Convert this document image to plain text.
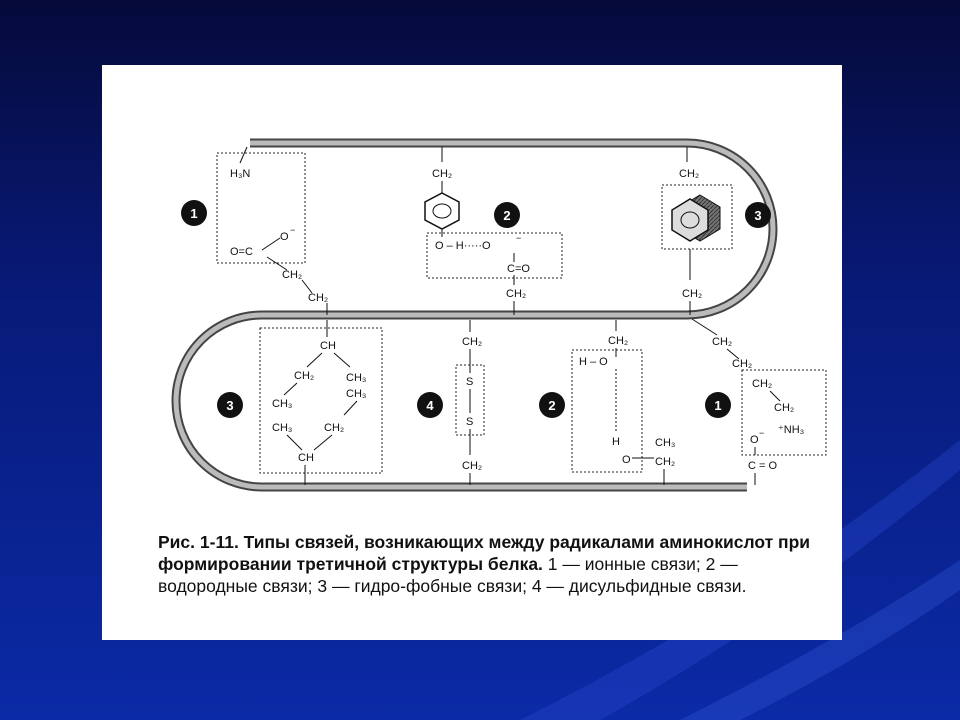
H₃N
O
−
O=C
CH₂
CH₂
1
CH₂
O – H·····O
−
C=O
CH₂
2
CH₂
CH₂
3
3
CH
CH₂	CH₃
CH₃
CH₃
CH₃	CH₂
CH
4
CH₂
S
S
CH₂
2
CH₂
H – O
H
O
CH₃
CH₂
CH₂
CH₂
CH₂
CH₂
⁺NH₃
O
−
C = O
1
Рис. 1-11. Типы связей, возникающих между радикалами аминокислот при формировании третичной структуры белка. 1 — ионные связи; 2 — водородные связи; 3 — гидро-фобные связи; 4 — дисульфидные связи.
